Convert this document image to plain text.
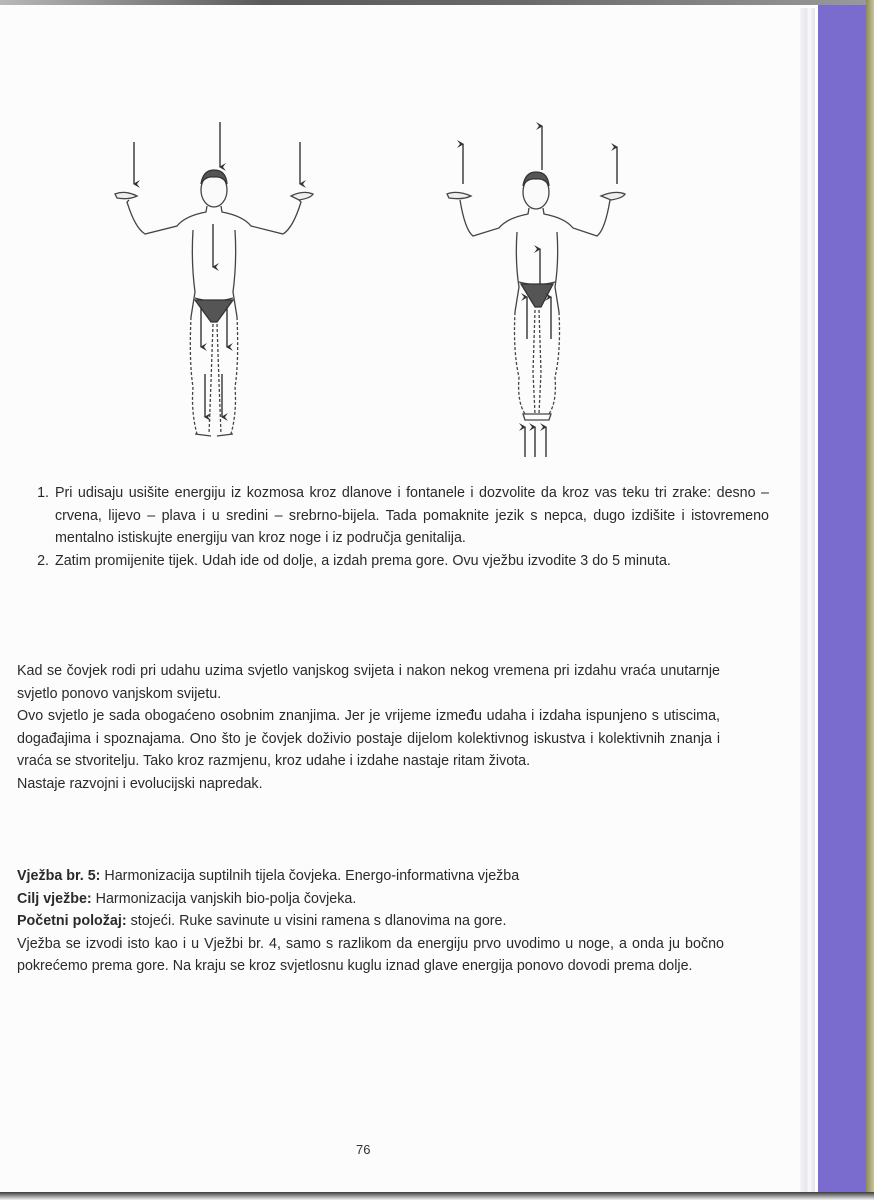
1. Pri udisaju usišite energiju iz kozmosa kroz dlanove i fontanele i dozvolite da kroz vas teku tri zrake: desno – crvena, lijevo – plava i u sredini – srebrno-bijela. Tada pomaknite jezik s nepca, dugo izdišite i istovremeno mentalno istiskujte energiju van kroz noge i iz područja genitalija.
2. Zatim promijenite tijek. Udah ide od dolje, a izdah prema gore. Ovu vježbu izvodite 3 do 5 minuta.

Kad se čovjek rodi pri udahu uzima svjetlo vanjskog svijeta i nakon nekog vremena pri izdahu vraća unutarnje svjetlo ponovo vanjskom svijetu.

Ovo svjetlo je sada obogaćeno osobnim znanjima. Jer je vrijeme između udaha i izdaha ispunjeno s utiscima, događajima i spoznajama. Ono što je čovjek doživio postaje dijelom kolektivnog iskustva i kolektivnih znanja i vraća se stvoritelju. Tako kroz razmjenu, kroz udahe i izdahe nastaje ritam života.

Nastaje razvojni i evolucijski napredak.

Vježba br. 5: Harmonizacija suptilnih tijela čovjeka. Energo-informativna vježba

Cilj vježbe: Harmonizacija vanjskih bio-polja čovjeka.

Početni položaj: stojeći. Ruke savinute u visini ramena s dlanovima na gore.

Vježba se izvodi isto kao i u Vježbi br. 4, samo s razlikom da energiju prvo uvodimo u noge, a onda ju bočno pokrećemo prema gore. Na kraju se kroz svjetlosnu kuglu iznad glave energija ponovo dovodi prema dolje.

76
